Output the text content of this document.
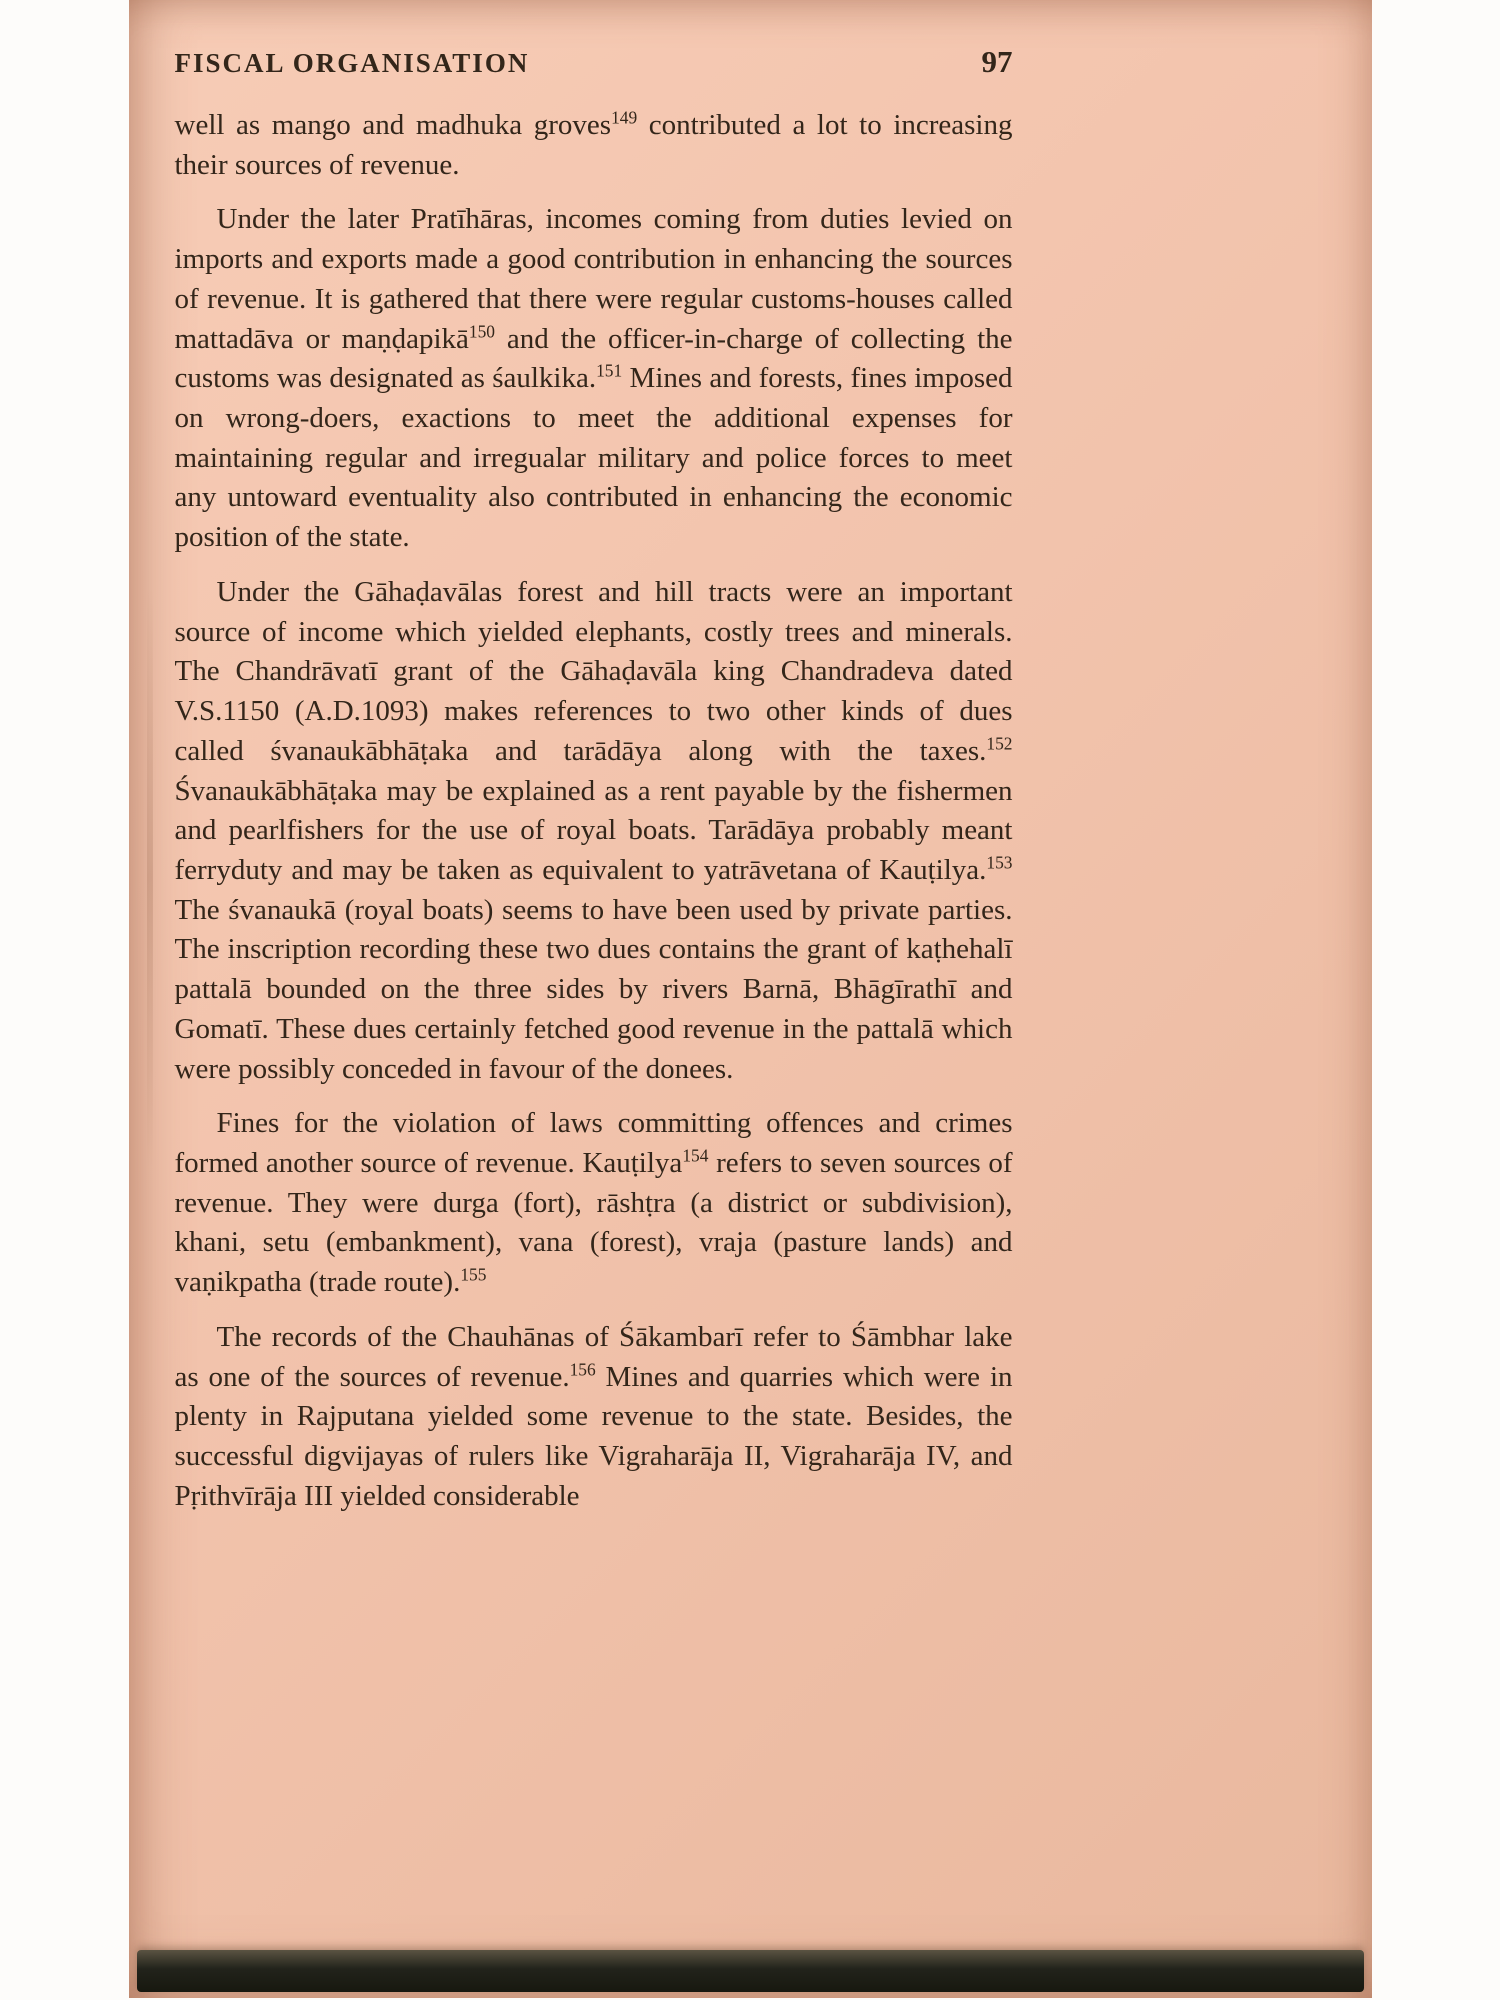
FISCAL ORGANISATION	97

well as mango and madhuka groves$^{149}$ contributed a lot to increasing their sources of revenue.

Under the later Pratīhāras, incomes coming from duties levied on imports and exports made a good contribution in enhancing the sources of revenue. It is gathered that there were regular customs-houses called mattadāva or maṇḍapikā$^{150}$ and the officer-in-charge of collecting the customs was designated as śaulkika.$^{151}$ Mines and forests, fines imposed on wrong-doers, exactions to meet the additional expenses for maintaining regular and irregualar military and police forces to meet any untoward eventuality also contributed in enhancing the economic position of the state.

Under the Gāhaḍavālas forest and hill tracts were an important source of income which yielded elephants, costly trees and minerals. The Chandrāvatī grant of the Gāhaḍavāla king Chandradeva dated V.S.1150 (A.D.1093) makes references to two other kinds of dues called śvanaukābhāṭaka and tarādāya along with the taxes.$^{152}$ Śvanaukābhāṭaka may be explained as a rent payable by the fishermen and pearlfishers for the use of royal boats. Tarādāya probably meant ferryduty and may be taken as equivalent to yatrāvetana of Kauṭilya.$^{153}$ The śvanaukā (royal boats) seems to have been used by private parties. The inscription recording these two dues contains the grant of kaṭhehalī pattalā bounded on the three sides by rivers Barnā, Bhāgīrathī and Gomatī. These dues certainly fetched good revenue in the pattalā which were possibly conceded in favour of the donees.

Fines for the violation of laws committing offences and crimes formed another source of revenue. Kauṭilya$^{154}$ refers to seven sources of revenue. They were durga (fort), rāshṭra (a district or subdivision), khani, setu (embankment), vana (forest), vraja (pasture lands) and vaṇikpatha (trade route).$^{155}$

The records of the Chauhānas of Śākambarī refer to Śāmbhar lake as one of the sources of revenue.$^{156}$ Mines and quarries which were in plenty in Rajputana yielded some revenue to the state. Besides, the successful digvijayas of rulers like Vigraharāja II, Vigraharāja IV, and Pṛithvīrāja III yielded considerable
